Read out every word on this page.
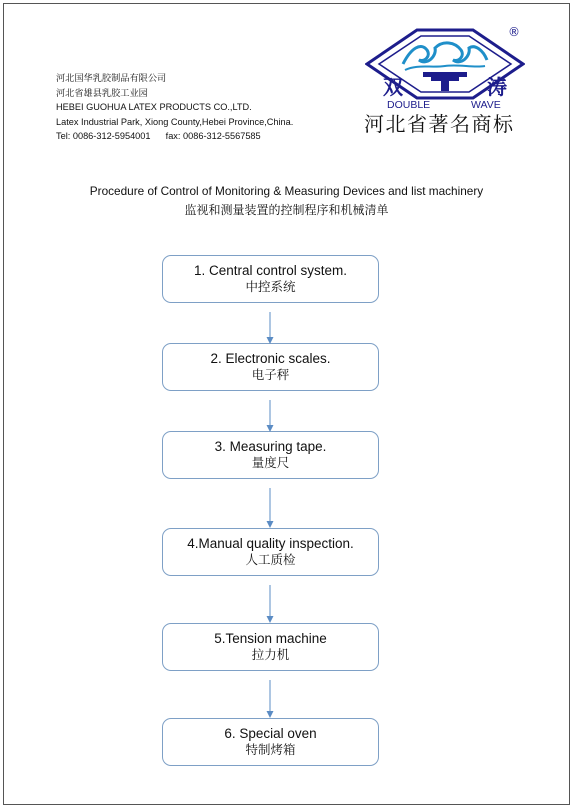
河北国华乳胶制品有限公司
河北省雄县乳胶工业园
HEBEI GUOHUA LATEX PRODUCTS CO.,LTD.
Latex Industrial Park, Xiong County,Hebei Province,China.
Tel: 0086-312-5954001 fax: 0086-312-5567585
双 涛
DOUBLE	WAVE
®
河北省著名商标
Procedure of Control of Monitoring & Measuring Devices and list machinery
监视和测量装置的控制程序和机械清单
1. Central control system.
中控系统
2. Electronic scales.
电子秤
3. Measuring tape.
量度尺
4.Manual quality inspection.
人工质检
5.Tension machine
拉力机
6. Special oven
特制烤箱
